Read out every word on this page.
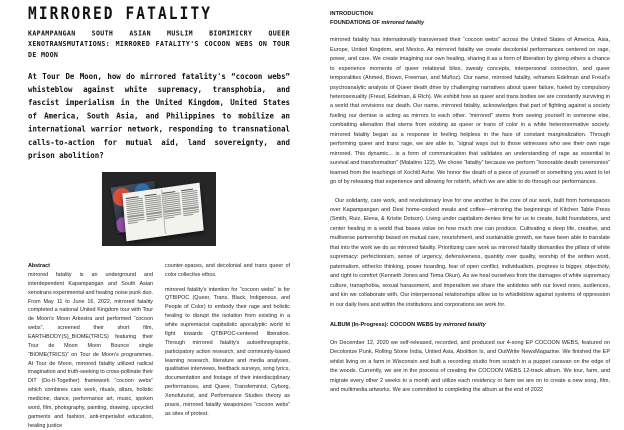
MIRRORED FATALITY
KAPAMPANGAN SOUTH ASIAN MUSLIM BIOMIMICRY QUEER XENOTRANSMUTATIONS: MIRRORED FATALITY'S COCOON WEBS ON TOUR DE MOON
At Tour De Moon, how do mirrored fatality's “cocoon webs” whisteblow against white supremacy, transphobia, and fascist imperialism in the United Kingdom, United States of America, South Asia, and Philippines to mobilize an international warrior network, responding to transnational calls-to-action for mutual aid, land sovereignty, and prison abolition?
Abstract

mirrored fatality is an underground and interdependent Kapampangan and South Asian xenotrans experimental and healing noise punk duo. From May 11 to June 16, 2022, mirrored fatality completed a national United Kingdom tour with Tour de Moon's Moon Arkestra and performed “cocoon webs”, screened their short film, EARTHBODY(S)_BIOME(TRICS) featuring their Tour de Moon Moon Bounce single “BIOME(TRICS)” on Tour de Moon's programmes. At Tour de Moon, mirrored fatality utilized radical imagination and truth-seeking to cross-pollinate their DIT (Do-It-Together) framework “cocoon webs” which combines care work, rituals, altars, holistic medicine, dance, performance art, music, spoken word, film, photography, painting, drawing, upcycled garments and fashion, anti-imperialist education, healing justice

counter-spaces, and decolonial and trans queer of color collective ethos.

mirrored fatality's intention for “cocoon webs” is for QTBIPOC (Queer, Trans, Black, Indigenous, and People of Color) to embody their rage and holistic healing to disrupt the isolation from existing in a white supremacist capitalistic apocalyptic world to fight towards QTBIPOC-centered liberation. Through mirrored fatality's autoethnographic, participatory action research, and community-based learning research, literature and media analyses, qualitative interviews, feedback surveys, song lyrics, documentation and footage of their interdisciplinary performances, and Queer, Transfeminist, Cyborg, Xenofuturist, and Performance Studies theory as praxis, mirrored fatality weaponizes “cocoon webs” as sites of protest.

INTRODUCTION
FOUNDATIONS OF mirrored fatality

mirrored fatality has internationally transversed their “cocoon webs” across the United States of America, Asia, Europe, United Kingdom, and Mexico. As mirrored fatality we create decolonial performances centered on rage, power, and care. We create imagining our own healing, sharing it as a form of liberation by giving others a chance to experience moments of queer relational bliss, sweaty concepts, interpersonal connection, and queer temporalities (Ahmed, Brown, Freeman, and Muñoz). Our name, mirrored fatality, reframes Edelman and Freud's psychoanalytic analysis of Queer death drive by challenging narratives about queer failure, fueled by compulsory heterosexuality (Freud, Edelman, & Rich). We exhibit how as queer and trans bodies we are constantly surviving in a world that envisions our death. Our name, mirrored fatality, acknowledges that part of fighting against a society fueling our demise is acting as mirrors to each other. “mirrored” stems from seeing yourself in someone else, combatting alienation that stems from existing as queer or trans of color in a white heteronormative society. mirrored fatality began as a response to feeling helpless in the face of constant marginalization. Through performing queer and trans rage, we are able to, “signal ways out to those witnesses who see their own rage mirrored. This dynamic... is a form of communication that validates an understanding of rage as essential to survival and transformation” (Malatino 122). We chose “fatality” because we perform “honorable death ceremonies” learned from the teachings of Xochitl Ashe. We honor the death of a piece of yourself or something you want to let go of by releasing that experience and allowing for rebirth, which we are able to do through our performances.

Our solidarity, care work, and revolutionary love for one another is the core of our work, built from homespaces over Kapampangan and Desi home-cooked meals and coffee—mirroring the beginnings of Kitchen Table Press (Smith, Ruiz, Elena, & Kristie Dotson). Living under capitalism denies time for us to create, build foundations, and center healing in a world that bases value on how much one can produce. Cultivating a deep life, creative, and multiverse partnership based on mutual care, nourishment, and sustainable growth, we have been able to translate that into the work we do as mirrored fatality. Prioritizing care work as mirrored fatality dismantles the pillars of white supremacy: perfectionism, sense of urgency, defensiveness, quantity over quality, worship of the written word, paternalism, either/or thinking, power hoarding, fear of open conflict, individualism, progress is bigger, objectivity, and right to comfort (Kenneth Jones and Tema Okun). As we heal ourselves from the damages of white supremacy culture, transphobia, sexual harassment, and imperalism we share the antidotes with our loved ones, audiences, and kin we collaborate with. Our interpersonal relationships allow us to whistleblow against systems of oppression in our daily lives and within the institutions and corporations we work for.

ALBUM (In-Progress): COCOON WEBS by mirrored fatality

On December 12, 2020 we self-released, recorded, and produced our 4-song EP COCOON WEBS, featured on Decolonize Punk, Rolling Stone India, United Asia, Abolition Is, and OutWrite NewsMagazine. We finished the EP whilst living on a farm in Wisconsin and built a recording studio from scratch in a puppet caravan on the edge of the woods. Currently, we are in the process of creating the COCOON WEBS 12-track album. We tour, farm, and migrate every other 2 weeks to a month and utilize each residency or farm we are on to create a new song, film, and multimedia artworks. We are committed to completing the album at the end of 2022
